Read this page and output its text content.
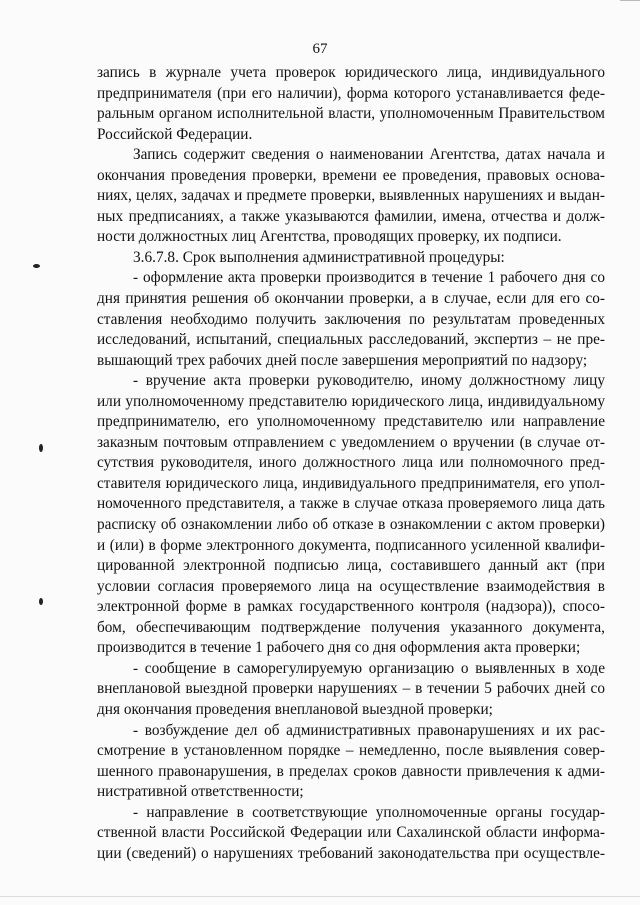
67
запись в журнале учета проверок юридического лица, индивидуального
предпринимателя (при его наличии), форма которого устанавливается феде-
ральным органом исполнительной власти, уполномоченным Правительством
Российской Федерации.
Запись содержит сведения о наименовании Агентства, датах начала и
окончания проведения проверки, времени ее проведения, правовых основа-
ниях, целях, задачах и предмете проверки, выявленных нарушениях и выдан-
ных предписаниях, а также указываются фамилии, имена, отчества и долж-
ности должностных лиц Агентства, проводящих проверку, их подписи.
3.6.7.8. Срок выполнения административной процедуры:
- оформление акта проверки производится в течение 1 рабочего дня со
дня принятия решения об окончании проверки, а в случае, если для его со-
ставления необходимо получить заключения по результатам проведенных
исследований, испытаний, специальных расследований, экспертиз – не пре-
вышающий трех рабочих дней после завершения мероприятий по надзору;
- вручение акта проверки руководителю, иному должностному лицу
или уполномоченному представителю юридического лица, индивидуальному
предпринимателю, его уполномоченному представителю или направление
заказным почтовым отправлением с уведомлением о вручении (в случае от-
сутствия руководителя, иного должностного лица или полномочного пред-
ставителя юридического лица, индивидуального предпринимателя, его упол-
номоченного представителя, а также в случае отказа проверяемого лица дать
расписку об ознакомлении либо об отказе в ознакомлении с актом проверки)
и (или) в форме электронного документа, подписанного усиленной квалифи-
цированной электронной подписью лица, составившего данный акт (при
условии согласия проверяемого лица на осуществление взаимодействия в
электронной форме в рамках государственного контроля (надзора)), спосо-
бом, обеспечивающим подтверждение получения указанного документа,
производится в течение 1 рабочего дня со дня оформления акта проверки;
- сообщение в саморегулируемую организацию о выявленных в ходе
внеплановой выездной проверки нарушениях – в течении 5 рабочих дней со
дня окончания проведения внеплановой выездной проверки;
- возбуждение дел об административных правонарушениях и их рас-
смотрение в установленном порядке – немедленно, после выявления совер-
шенного правонарушения, в пределах сроков давности привлечения к адми-
нистративной ответственности;
- направление в соответствующие уполномоченные органы государ-
ственной власти Российской Федерации или Сахалинской области информа-
ции (сведений) о нарушениях требований законодательства при осуществле-
